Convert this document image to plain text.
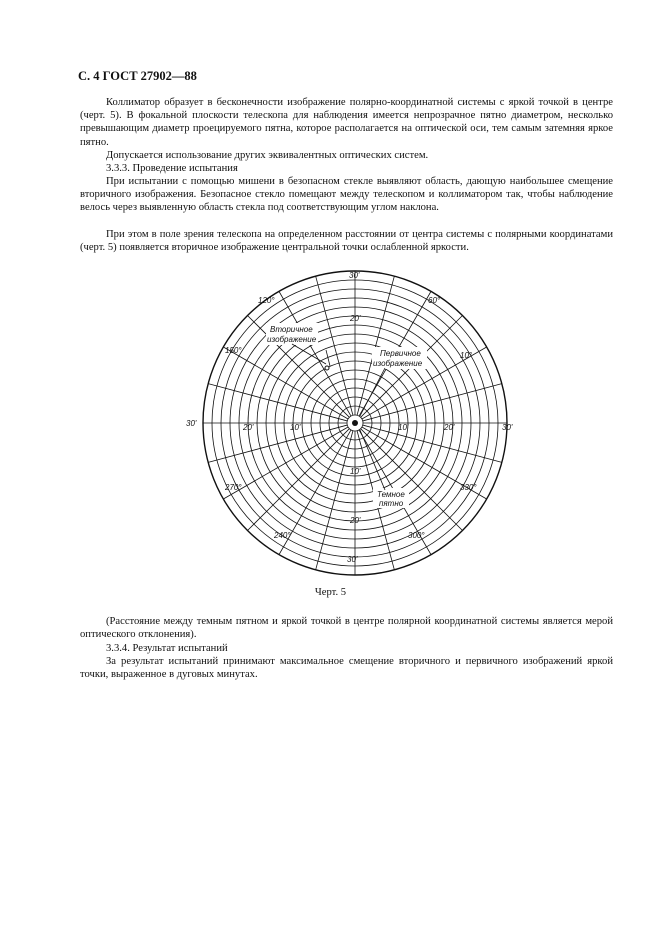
С. 4 ГОСТ 27902—88

Коллиматор образует в бесконечности изображение полярно-координатной системы с яркой точкой в центре (черт. 5). В фокальной плоскости телескопа для наблюдения имеется непрозрачное пятно диаметром, несколько превышающим диаметр проецируемого пятна, которое располагается на оптической оси, тем самым затемняя яркое пятно.

Допускается использование других эквивалентных оптических систем.

3.3.3. Проведение испытания

При испытании с помощью мишени в безопасном стекле выявляют область, дающую наибольшее смещение вторичного изображения. Безопасное стекло помещают между телескопом и коллиматором так, чтобы наблюдение велось через выявленную область стекла под соответствующим углом наклона.

При этом в поле зрения телескопа на определенном расстоянии от центра системы с полярными координатами (черт. 5) появляется вторичное изображение центральной точки ослабленной яркости.

120°	60°
150°
10°
270°	330°
240°	300°
30'
20'
30'	20'	10'	10'	20'	30'
10'
20'
30'
Вторичное
изображение
Первичное
изображение
Темное
пятно
Черт. 5

(Расстояние между темным пятном и яркой точкой в центре полярной координатной системы является мерой оптического отклонения).

3.3.4. Результат испытаний

За результат испытаний принимают максимальное смещение вторичного и первичного изображений яркой точки, выраженное в дуговых минутах.
